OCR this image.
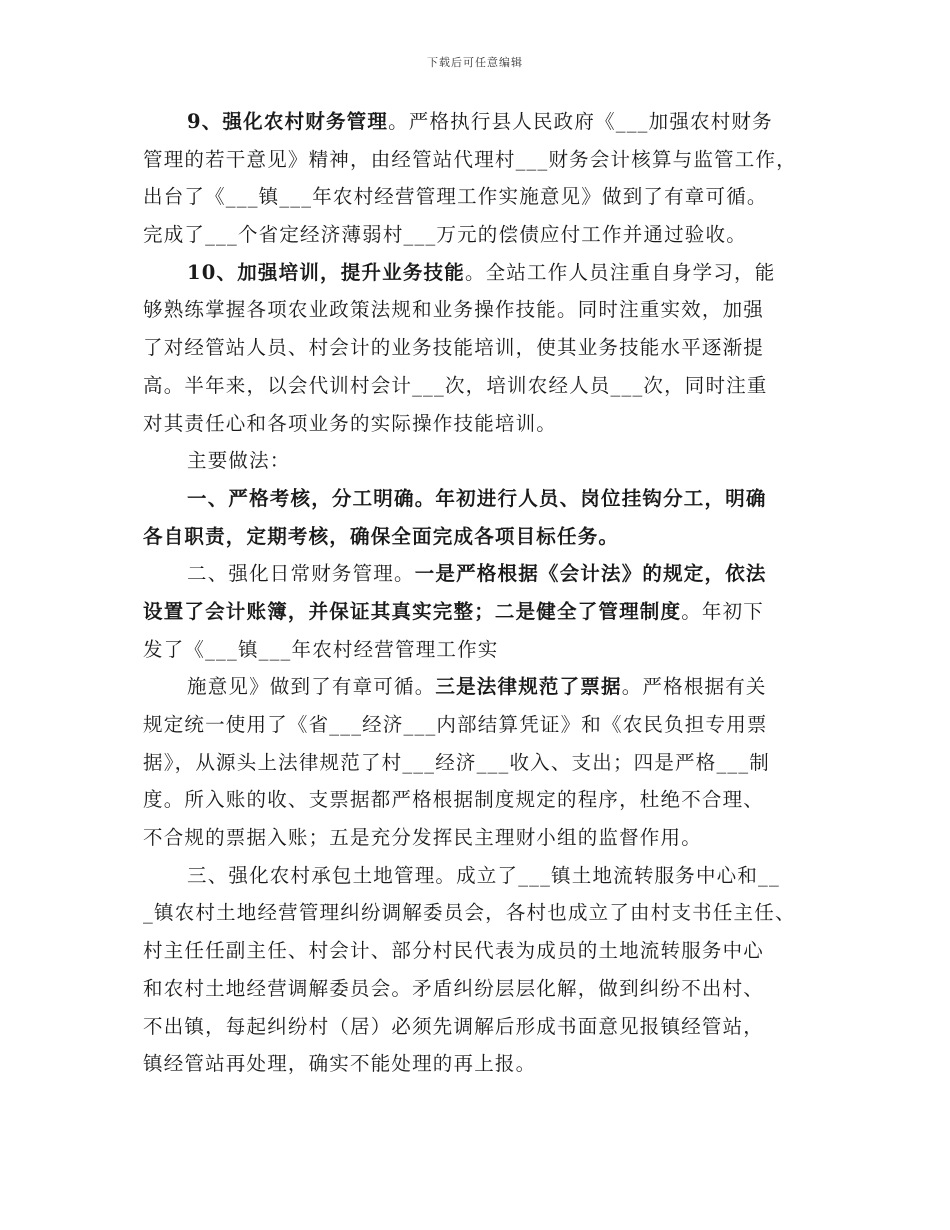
下载后可任意编辑
9、强化农村财务管理。严格执行县人民政府《___加强农村财务
管理的若干意见》精神，由经管站代理村___财务会计核算与监管工作，
出台了《___镇___年农村经营管理工作实施意见》做到了有章可循。
完成了___个省定经济薄弱村___万元的偿债应付工作并通过验收。
10、加强培训，提升业务技能。全站工作人员注重自身学习，能
够熟练掌握各项农业政策法规和业务操作技能。同时注重实效，加强
了对经管站人员、村会计的业务技能培训，使其业务技能水平逐渐提
高。半年来，以会代训村会计___次，培训农经人员___次，同时注重
对其责任心和各项业务的实际操作技能培训。
主要做法：
一、严格考核，分工明确。年初进行人员、岗位挂钩分工，明确
各自职责，定期考核，确保全面完成各项目标任务。
二、强化日常财务管理。一是严格根据《会计法》的规定，依法
设置了会计账簿，并保证其真实完整；二是健全了管理制度。年初下
发了《___镇___年农村经营管理工作实
施意见》做到了有章可循。三是法律规范了票据。严格根据有关
规定统一使用了《省___经济___内部结算凭证》和《农民负担专用票
据》，从源头上法律规范了村___经济___收入、支出；四是严格___制
度。所入账的收、支票据都严格根据制度规定的程序，杜绝不合理、
不合规的票据入账；五是充分发挥民主理财小组的监督作用。
三、强化农村承包土地管理。成立了___镇土地流转服务中心和__
_镇农村土地经营管理纠纷调解委员会，各村也成立了由村支书任主任、
村主任任副主任、村会计、部分村民代表为成员的土地流转服务中心
和农村土地经营调解委员会。矛盾纠纷层层化解，做到纠纷不出村、
不出镇，每起纠纷村（居）必须先调解后形成书面意见报镇经管站，
镇经管站再处理，确实不能处理的再上报。
